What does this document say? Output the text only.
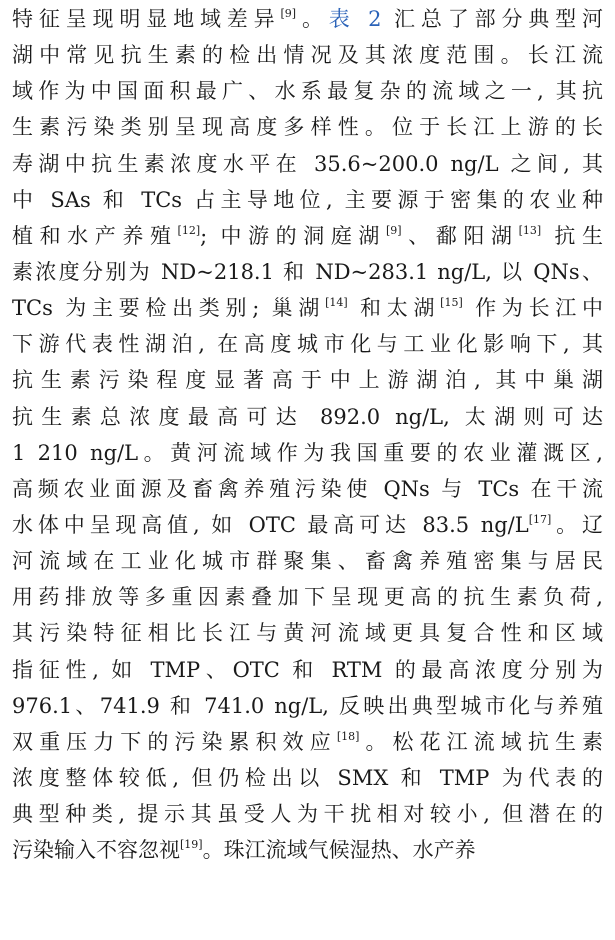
特征呈现明显地域差异[9]。表 2 汇总了部分典型河
湖中常见抗生素的检出情况及其浓度范围。长江流
域作为中国面积最广、水系最复杂的流域之一, 其抗
生素污染类别呈现高度多样性。位于长江上游的长
寿湖中抗生素浓度水平在 35.6~200.0 ng/L 之间, 其
中 SAs 和 TCs 占主导地位, 主要源于密集的农业种
植和水产养殖[12]; 中游的洞庭湖[9]、鄱阳湖[13] 抗生
素浓度分别为 ND~218.1 和 ND~283.1 ng/L, 以 QNs、
TCs 为主要检出类别; 巢湖[14] 和太湖[15] 作为长江中
下游代表性湖泊, 在高度城市化与工业化影响下, 其
抗生素污染程度显著高于中上游湖泊, 其中巢湖
抗生素总浓度最高可达 892.0 ng/L, 太湖则可达
1 210 ng/L。黄河流域作为我国重要的农业灌溉区,
高频农业面源及畜禽养殖污染使 QNs 与 TCs 在干流
水体中呈现高值, 如 OTC 最高可达 83.5 ng/L[17]。辽
河流域在工业化城市群聚集、畜禽养殖密集与居民
用药排放等多重因素叠加下呈现更高的抗生素负荷,
其污染特征相比长江与黄河流域更具复合性和区域
指征性, 如 TMP、OTC 和 RTM 的最高浓度分别为
976.1、741.9 和 741.0 ng/L, 反映出典型城市化与养殖
双重压力下的污染累积效应[18]。松花江流域抗生素
浓度整体较低, 但仍检出以 SMX 和 TMP 为代表的
典型种类, 提示其虽受人为干扰相对较小, 但潜在的
污染输入不容忽视[19]。珠江流域气候湿热、水产养
